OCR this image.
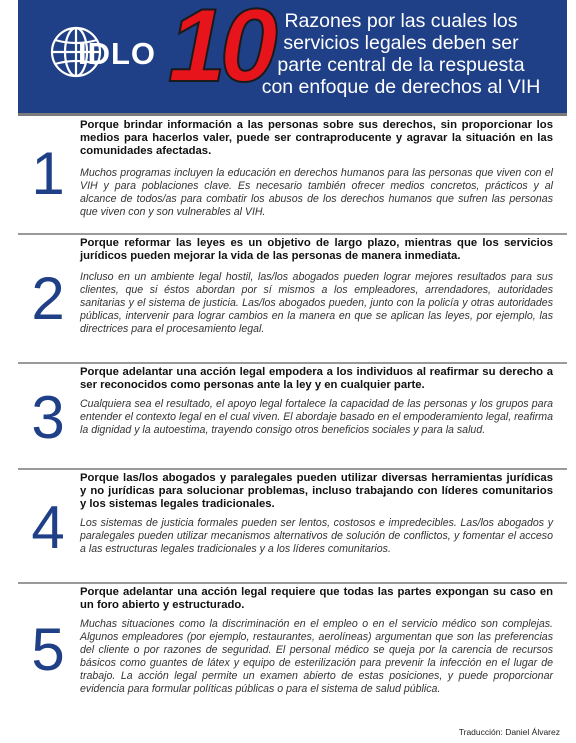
IDLO 10 Razones por las cuales los
servicios legales deben ser
parte central de la respuesta
con enfoque de derechos al VIH
1

Porque brindar información a las personas sobre sus derechos, sin proporcionar los medios para hacerlos valer, puede ser contraproducente y agravar la situación en las comunidades afectadas.

Muchos programas incluyen la educación en derechos humanos para las personas que viven con el VIH y para poblaciones clave. Es necesario también ofrecer medios concretos, prácticos y al alcance de todos/as para combatir los abusos de los derechos humanos que sufren las personas que viven con y son vulnerables al VIH.

2

Porque reformar las leyes es un objetivo de largo plazo, mientras que los servicios jurídicos pueden mejorar la vida de las personas de manera inmediata.

Incluso en un ambiente legal hostil, las/los abogados pueden lograr mejores resultados para sus clientes, que si éstos abordan por sí mismos a los empleadores, arrendadores, autoridades sanitarias y el sistema de justicia. Las/los abogados pueden, junto con la policía y otras autoridades públicas, intervenir para lograr cambios en la manera en que se aplican las leyes, por ejemplo, las directrices para el procesamiento legal.

3

Porque adelantar una acción legal empodera a los individuos al reafirmar su derecho a ser reconocidos como personas ante la ley y en cualquier parte.

Cualquiera sea el resultado, el apoyo legal fortalece la capacidad de las personas y los grupos para entender el contexto legal en el cual viven. El abordaje basado en el empoderamiento legal, reafirma la dignidad y la autoestima, trayendo consigo otros beneficios sociales y para la salud.

4

Porque las/los abogados y paralegales pueden utilizar diversas herramientas jurídicas y no jurídicas para solucionar problemas, incluso trabajando con líderes comunitarios y los sistemas legales tradicionales.

Los sistemas de justicia formales pueden ser lentos, costosos e impredecibles. Las/los abogados y paralegales pueden utilizar mecanismos alternativos de solución de conflictos, y fomentar el acceso a las estructuras legales tradicionales y a los líderes comunitarios.

5

Porque adelantar una acción legal requiere que todas las partes expongan su caso en un foro abierto y estructurado.

Muchas situaciones como la discriminación en el empleo o en el servicio médico son complejas. Algunos empleadores (por ejemplo, restaurantes, aerolíneas) argumentan que son las preferencias del cliente o por razones de seguridad. El personal médico se queja por la carencia de recursos básicos como guantes de látex y equipo de esterilización para prevenir la infección en el lugar de trabajo. La acción legal permite un examen abierto de estas posiciones, y puede proporcionar evidencia para formular políticas públicas o para el sistema de salud pública.

Traducción: Daniel Álvarez
